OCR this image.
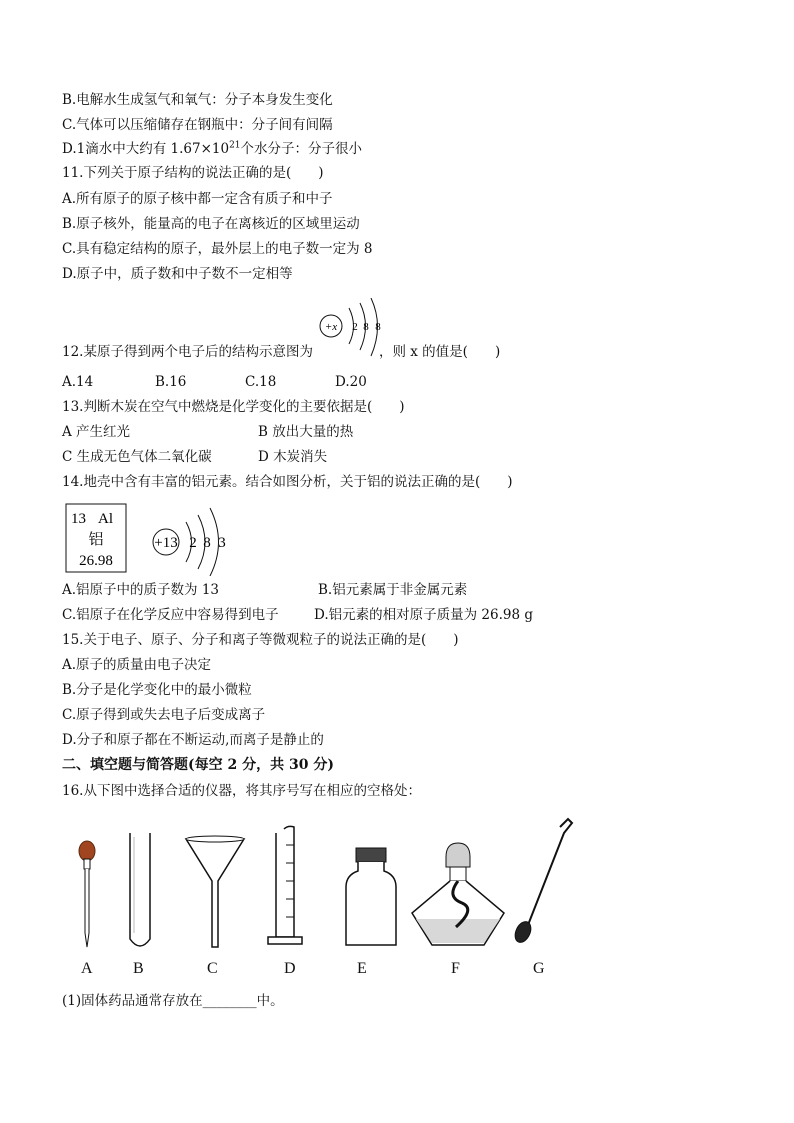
B.电解水生成氢气和氧气：分子本身发生变化
C.气体可以压缩储存在钢瓶中：分子间有间隔
D.1滴水中大约有 $1.67\times 10^{21}$个水分子：分子很小
11.下列关于原子结构的说法正确的是(　　)
A.所有原子的原子核中都一定含有质子和中子
B.原子核外，能量高的电子在离核近的区域里运动
C.具有稳定结构的原子，最外层上的电子数一定为 8
D.原子中，质子数和中子数不一定相等
12.某原子得到两个电子后的结构示意图为	，则 x 的值是(　　)
+x 2 8 8
A.14	B.16	C.18	D.20
13.判断木炭在空气中燃烧是化学变化的主要依据是(　　)
A 产生红光	B 放出大量的热
C 生成无色气体二氧化碳	D 木炭消失
14.地壳中含有丰富的铝元素。结合如图分析，关于铝的说法正确的是(　　)
13 Al
铝
26.98
+13 2 8 3
A.铝原子中的质子数为 13	B.铝元素属于非金属元素
C.铝原子在化学反应中容易得到电子	D.铝元素的相对原子质量为 26.98 g
15.关于电子、原子、分子和离子等微观粒子的说法正确的是(　　)
A.原子的质量由电子决定
B.分子是化学变化中的最小微粒
C.原子得到或失去电子后变成离子
D.分子和原子都在不断运动,而离子是静止的
二、填空题与简答题(每空 2 分，共 30 分)
16.从下图中选择合适的仪器，将其序号写在相应的空格处：
A	B	C	D	E	F	G
(1)固体药品通常存放在________中。
